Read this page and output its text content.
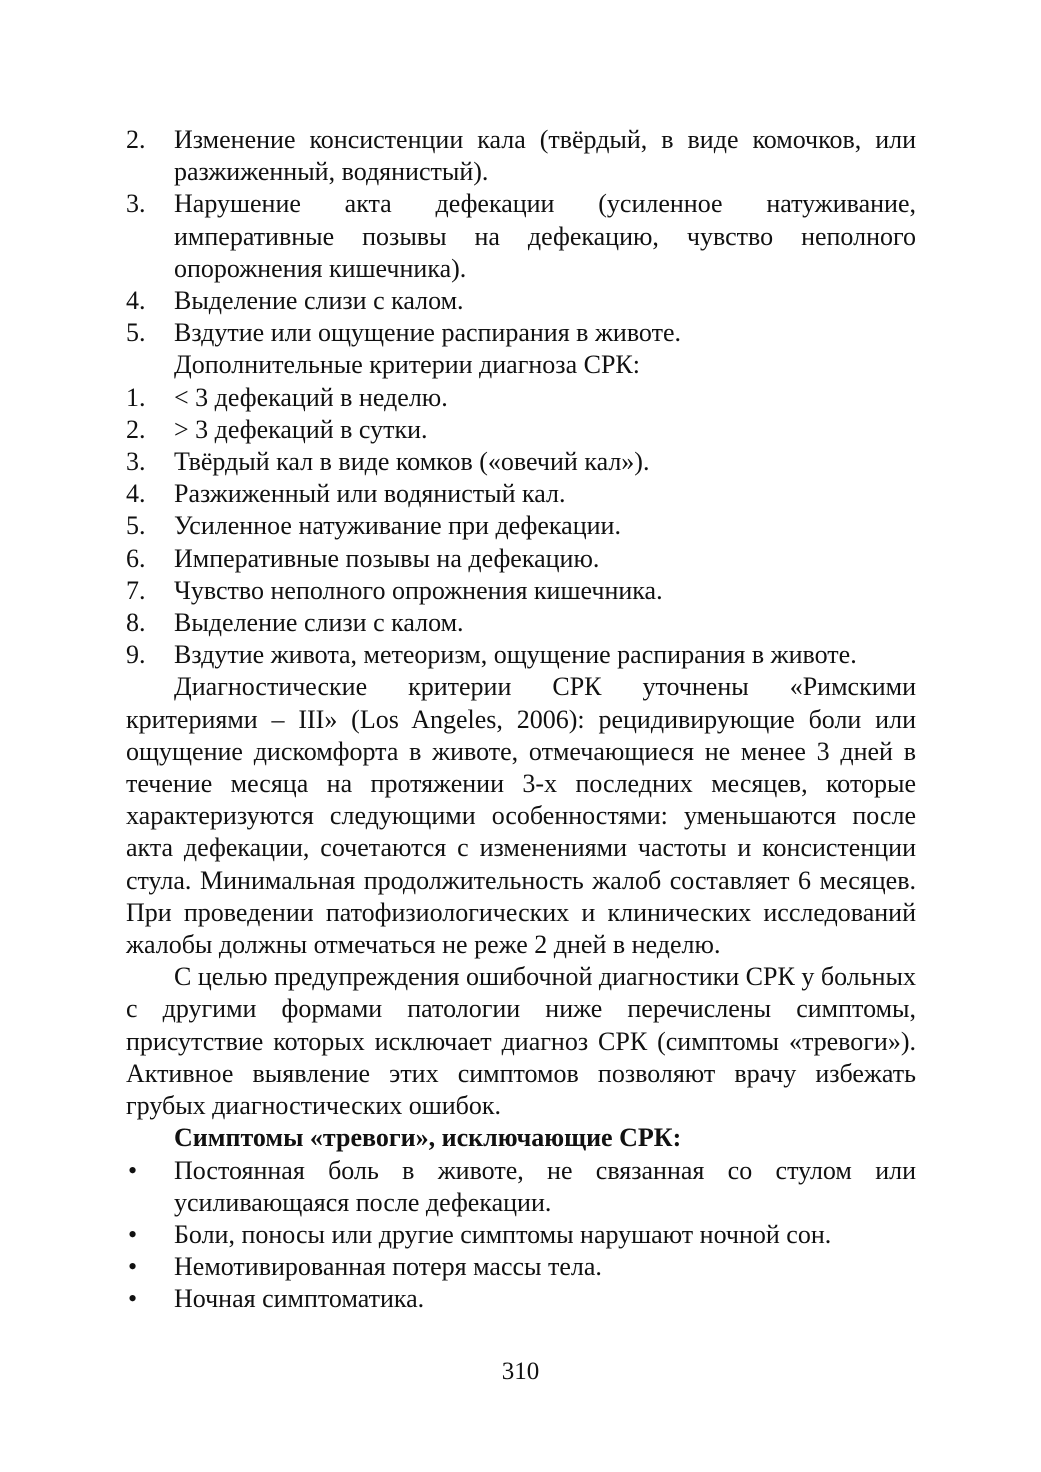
2.	Изменение консистенции кала (твёрдый, в виде комочков, или разжиженный, водянистый).
3.	Нарушение акта дефекации (усиленное натуживание, императивные позывы на дефекацию, чувство неполного опорожнения кишечника).
4.	Выделение слизи с калом.
5.	Вздутие или ощущение распирания в животе.
Дополнительные критерии диагноза СРК:
1.	< 3 дефекаций в неделю.
2.	> 3 дефекаций в сутки.
3.	Твёрдый кал в виде комков («овечий кал»).
4.	Разжиженный или водянистый кал.
5.	Усиленное натуживание при дефекации.
6.	Императивные позывы на дефекацию.
7.	Чувство неполного опрожнения кишечника.
8.	Выделение слизи с калом.
9.	Вздутие живота, метеоризм, ощущение распирания в животе.

Диагностические критерии СРК уточнены «Римскими критериями – III» (Los Angeles, 2006): рецидивирующие боли или ощущение дискомфорта в животе, отмечающиеся не менее 3 дней в течение месяца на протяжении 3-х последних месяцев, которые характеризуются следующими особенностями: уменьшаются после акта дефекации, сочетаются с изменениями частоты и консистенции стула. Минимальная продолжительность жалоб составляет 6 месяцев. При проведении патофизиологических и клинических исследований жалобы должны отмечаться не реже 2 дней в неделю.

С целью предупреждения ошибочной диагностики СРК у больных с другими формами патологии ниже перечислены симптомы, присутствие которых исключает диагноз СРК (симптомы «тревоги»). Активное выявление этих симптомов позволяют врачу избежать грубых диагностических ошибок.

Симптомы «тревоги», исключающие СРК:
•	Постоянная боль в животе, не связанная со стулом или усиливающаяся после дефекации.
•	Боли, поносы или другие симптомы нарушают ночной сон.
•	Немотивированная потеря массы тела.
•	Ночная симптоматика.
310
